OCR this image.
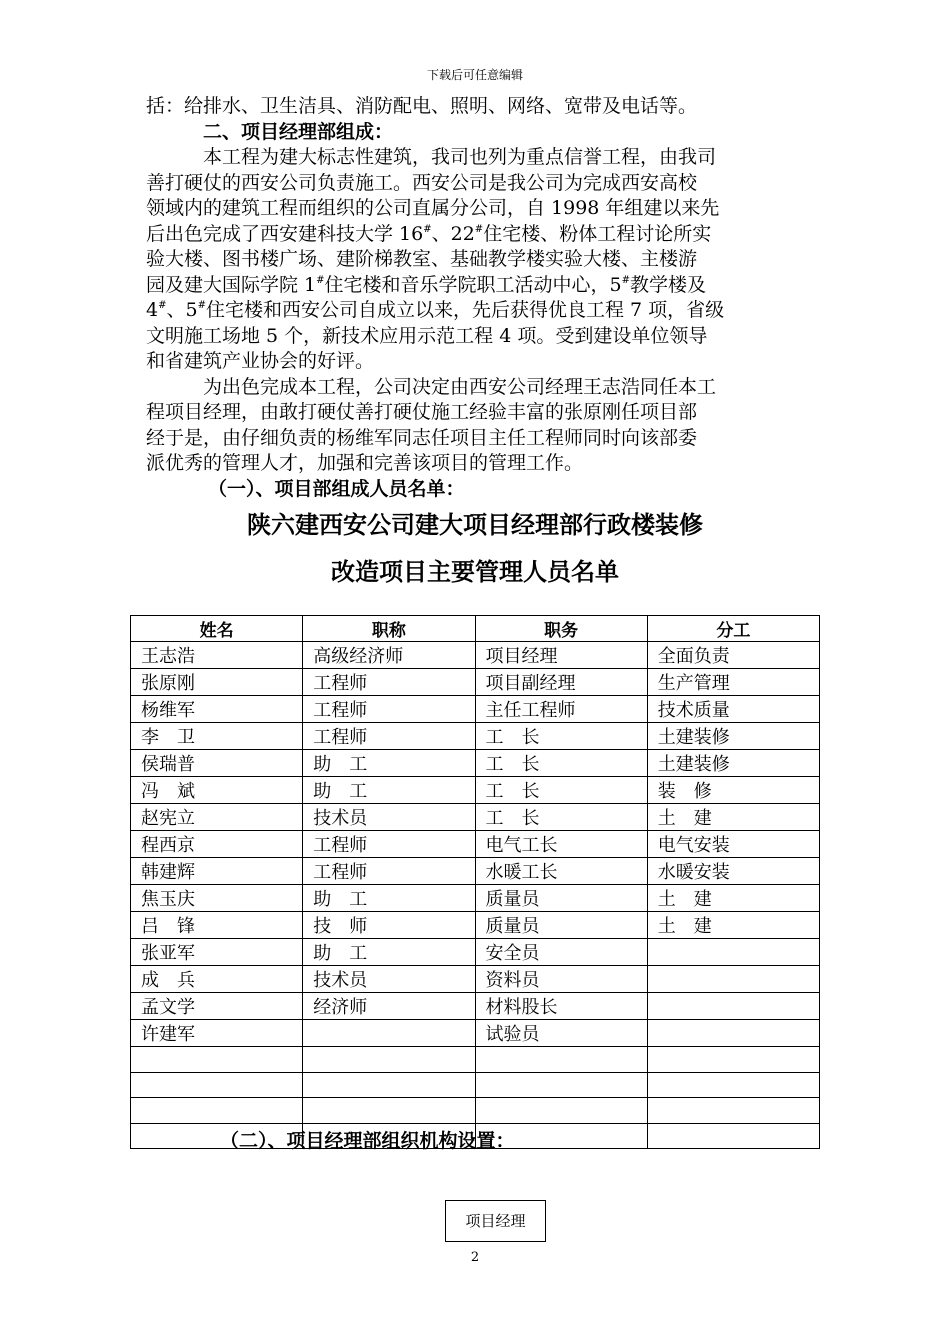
下载后可任意编辑
括：给排水、卫生洁具、消防配电、照明、网络、宽带及电话等。
二、项目经理部组成：
本工程为建大标志性建筑，我司也列为重点信誉工程，由我司
善打硬仗的西安公司负责施工。西安公司是我公司为完成西安高校
领域内的建筑工程而组织的公司直属分公司，自 1998 年组建以来先
后出色完成了西安建科技大学 16#、22#住宅楼、粉体工程讨论所实
验大楼、图书楼广场、建阶梯教室、基础教学楼实验大楼、主楼游
园及建大国际学院 1#住宅楼和音乐学院职工活动中心，5#教学楼及
4#、5#住宅楼和西安公司自成立以来，先后获得优良工程 7 项，省级
文明施工场地 5 个，新技术应用示范工程 4 项。受到建设单位领导
和省建筑产业协会的好评。
为出色完成本工程，公司决定由西安公司经理王志浩同任本工
程项目经理，由敢打硬仗善打硬仗施工经验丰富的张原刚任项目部
经于是，由仔细负责的杨维军同志任项目主任工程师同时向该部委
派优秀的管理人才，加强和完善该项目的管理工作。
（一）、项目部组成人员名单：
陕六建西安公司建大项目经理部行政楼装修
改造项目主要管理人员名单
姓名	职称	职务	分工
王志浩	高级经济师	项目经理	全面负责
张原刚	工程师	项目副经理	生产管理
杨维军	工程师	主任工程师	技术质量
李　卫	工程师	工　长	土建装修
侯瑞普	助　工	工　长	土建装修
冯　斌	助　工	工　长	装　修
赵宪立	技术员	工　长	土　建
程西京	工程师	电气工长	电气安装
韩建辉	工程师	水暖工长	水暖安装
焦玉庆	助　工	质量员	土　建
吕　锋	技　师	质量员	土　建
张亚军	助　工	安全员	
成　兵	技术员	资料员	
孟文学	经济师	材料股长	
许建军		试验员	

（二）、项目经理部组织机构设置：
项目经理
2
